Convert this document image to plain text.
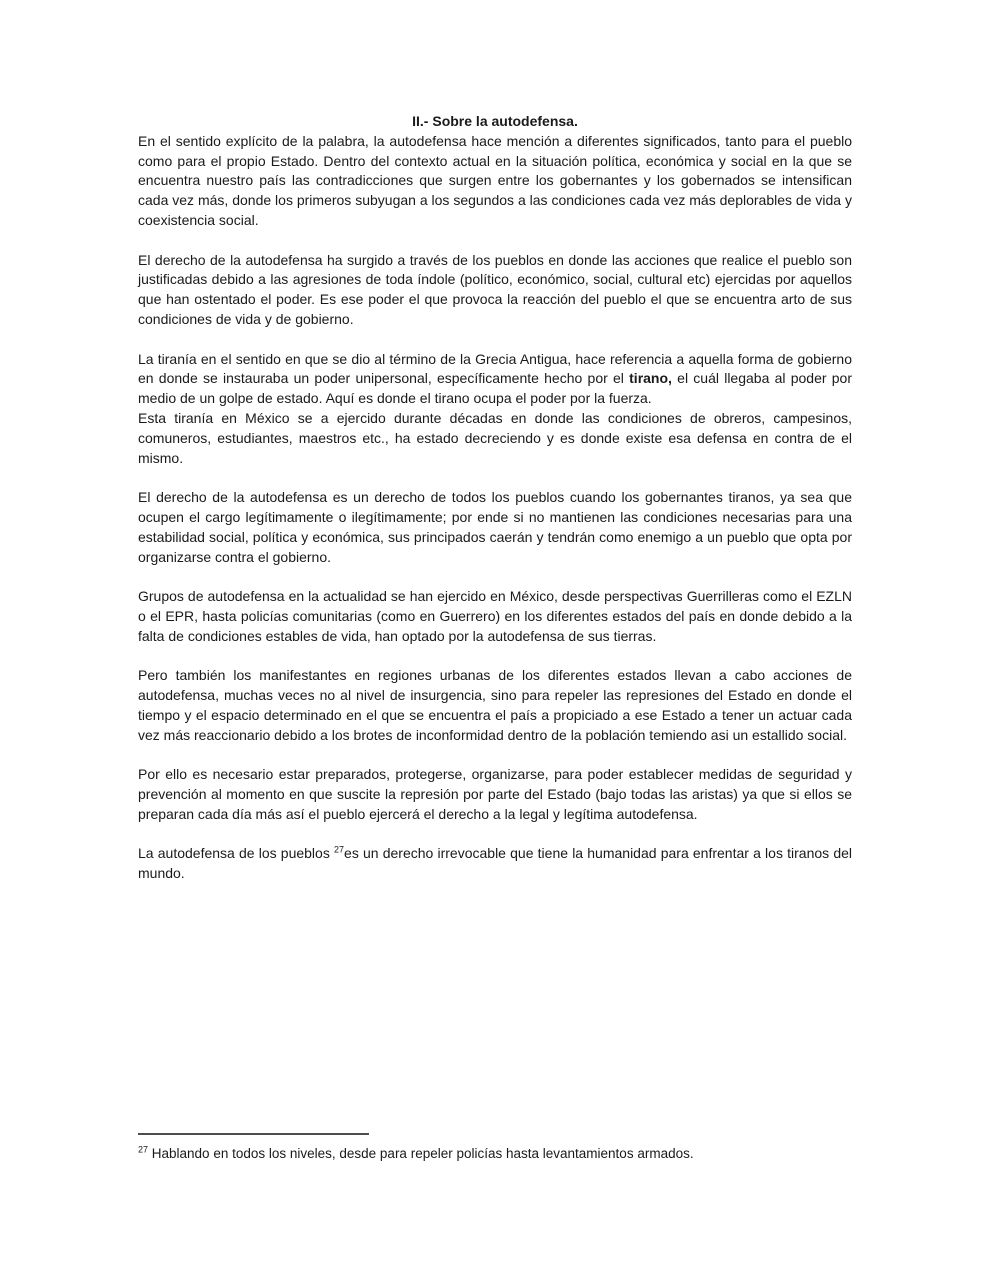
II.- Sobre la autodefensa.

En el sentido explícito de la palabra, la autodefensa hace mención a diferentes significados, tanto para el pueblo como para el propio Estado. Dentro del contexto actual en la situación política, económica y social en la que se encuentra nuestro país las contradicciones que surgen entre los gobernantes y los gobernados se intensifican cada vez más, donde los primeros subyugan a los segundos a las condiciones cada vez más deplorables de vida y coexistencia social.

El derecho de la autodefensa ha surgido a través de los pueblos en donde las acciones que realice el pueblo son justificadas debido a las agresiones de toda índole (político, económico, social, cultural etc) ejercidas por aquellos que han ostentado el poder. Es ese poder el que provoca la reacción del pueblo el que se encuentra arto de sus condiciones de vida y de gobierno.

La tiranía en el sentido en que se dio al término de la Grecia Antigua, hace referencia a aquella forma de gobierno en donde se instauraba un poder unipersonal, específicamente hecho por el tirano, el cuál llegaba al poder por medio de un golpe de estado. Aquí es donde el tirano ocupa el poder por la fuerza.

Esta tiranía en México se a ejercido durante décadas en donde las condiciones de obreros, campesinos, comuneros, estudiantes, maestros etc., ha estado decreciendo y es donde existe esa defensa en contra de el mismo.

El derecho de la autodefensa es un derecho de todos los pueblos cuando los gobernantes tiranos, ya sea que ocupen el cargo legítimamente o ilegítimamente; por ende si no mantienen las condiciones necesarias para una estabilidad social, política y económica, sus principados caerán y tendrán como enemigo a un pueblo que opta por organizarse contra el gobierno.

Grupos de autodefensa en la actualidad se han ejercido en México, desde perspectivas Guerrilleras como el EZLN o el EPR, hasta policías comunitarias (como en Guerrero) en los diferentes estados del país en donde debido a la falta de condiciones estables de vida, han optado por la autodefensa de sus tierras.

Pero también los manifestantes en regiones urbanas de los diferentes estados llevan a cabo acciones de autodefensa, muchas veces no al nivel de insurgencia, sino para repeler las represiones del Estado en donde el tiempo y el espacio determinado en el que se encuentra el país a propiciado a ese Estado a tener un actuar cada vez más reaccionario debido a los brotes de inconformidad dentro de la población temiendo asi un estallido social.

Por ello es necesario estar preparados, protegerse, organizarse, para poder establecer medidas de seguridad y prevención al momento en que suscite la represión por parte del Estado (bajo todas las aristas) ya que si ellos se preparan cada día más así el pueblo ejercerá el derecho a la legal y legítima autodefensa.

La autodefensa de los pueblos $^{27}$es un derecho irrevocable que tiene la humanidad para enfrentar a los tiranos del mundo.

$^{27}$ Hablando en todos los niveles, desde para repeler policías hasta levantamientos armados.
